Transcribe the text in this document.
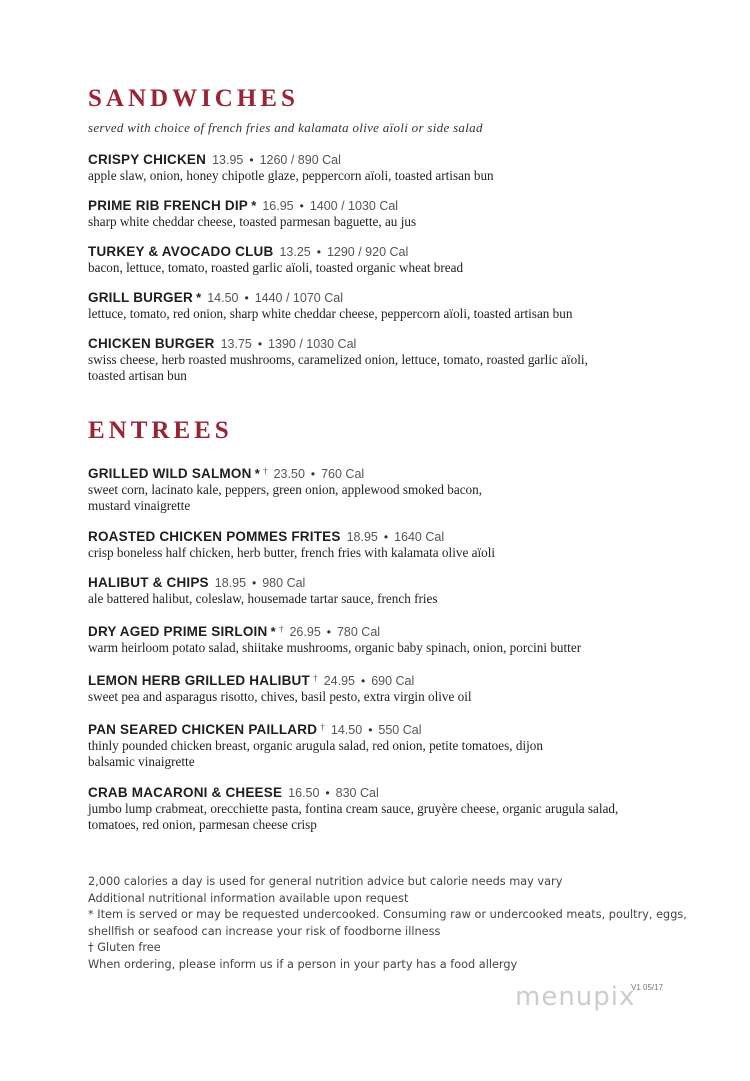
SANDWICHES
served with choice of french fries and kalamata olive aïoli or side salad
CRISPY CHICKEN 13.95 • 1260 / 890 Cal
apple slaw, onion, honey chipotle glaze, peppercorn aïoli, toasted artisan bun
PRIME RIB FRENCH DIP * 16.95 • 1400 / 1030 Cal
sharp white cheddar cheese, toasted parmesan baguette, au jus
TURKEY & AVOCADO CLUB 13.25 • 1290 / 920 Cal
bacon, lettuce, tomato, roasted garlic aïoli, toasted organic wheat bread
GRILL BURGER * 14.50 • 1440 / 1070 Cal
lettuce, tomato, red onion, sharp white cheddar cheese, peppercorn aïoli, toasted artisan bun
CHICKEN BURGER 13.75 • 1390 / 1030 Cal
swiss cheese, herb roasted mushrooms, caramelized onion, lettuce, tomato, roasted garlic aïoli,
toasted artisan bun
ENTREES
GRILLED WILD SALMON * † 23.50 • 760 Cal
sweet corn, lacinato kale, peppers, green onion, applewood smoked bacon,
mustard vinaigrette
ROASTED CHICKEN POMMES FRITES 18.95 • 1640 Cal
crisp boneless half chicken, herb butter, french fries with kalamata olive aïoli
HALIBUT & CHIPS 18.95 • 980 Cal
ale battered halibut, coleslaw, housemade tartar sauce, french fries
DRY AGED PRIME SIRLOIN * † 26.95 • 780 Cal
warm heirloom potato salad, shiitake mushrooms, organic baby spinach, onion, porcini butter
LEMON HERB GRILLED HALIBUT † 24.95 • 690 Cal
sweet pea and asparagus risotto, chives, basil pesto, extra virgin olive oil
PAN SEARED CHICKEN PAILLARD † 14.50 • 550 Cal
thinly pounded chicken breast, organic arugula salad, red onion, petite tomatoes, dijon
balsamic vinaigrette
CRAB MACARONI & CHEESE 16.50 • 830 Cal
jumbo lump crabmeat, orecchiette pasta, fontina cream sauce, gruyère cheese, organic arugula salad,
tomatoes, red onion, parmesan cheese crisp
2,000 calories a day is used for general nutrition advice but calorie needs may vary
Additional nutritional information available upon request
* Item is served or may be requested undercooked. Consuming raw or undercooked meats, poultry, eggs,
shellfish or seafood can increase your risk of foodborne illness
† Gluten free
When ordering, please inform us if a person in your party has a food allergy
menupix
V1 05/17
